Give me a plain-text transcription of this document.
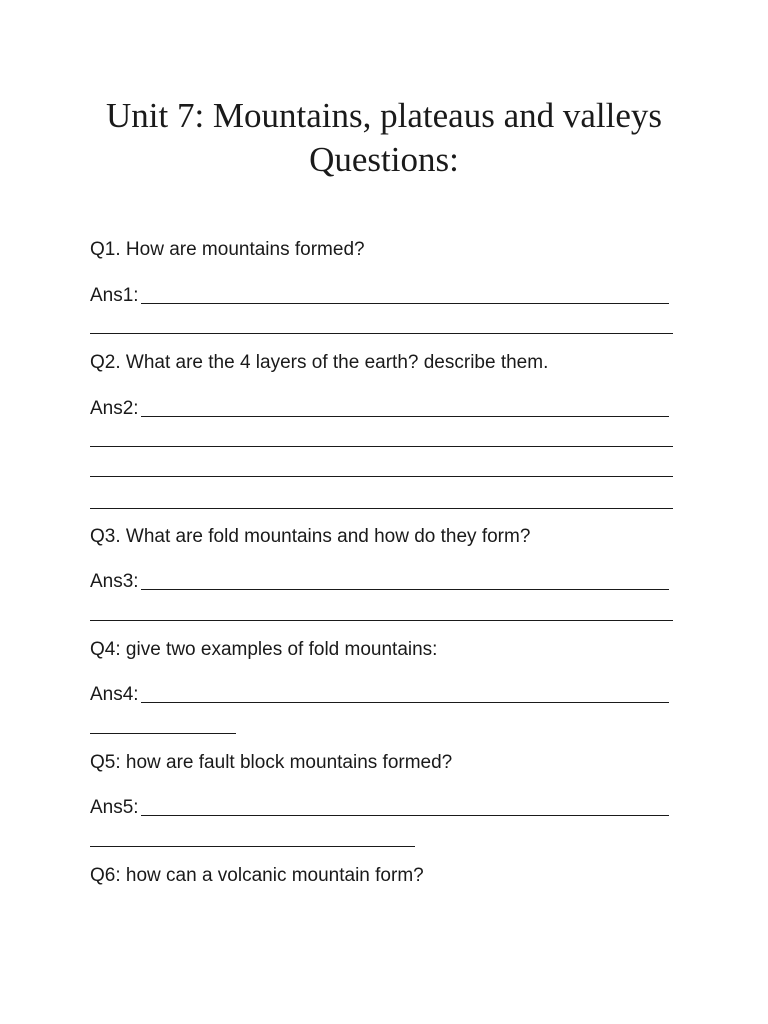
Unit 7: Mountains, plateaus and valleys
Questions:
Q1. How are mountains formed?
Ans1:
Q2. What are the 4 layers of the earth? describe them.
Ans2:
Q3. What are fold mountains and how do they form?
Ans3:
Q4: give two examples of fold mountains:
Ans4:
Q5: how are fault block mountains formed?
Ans5:
Q6: how can a volcanic mountain form?
